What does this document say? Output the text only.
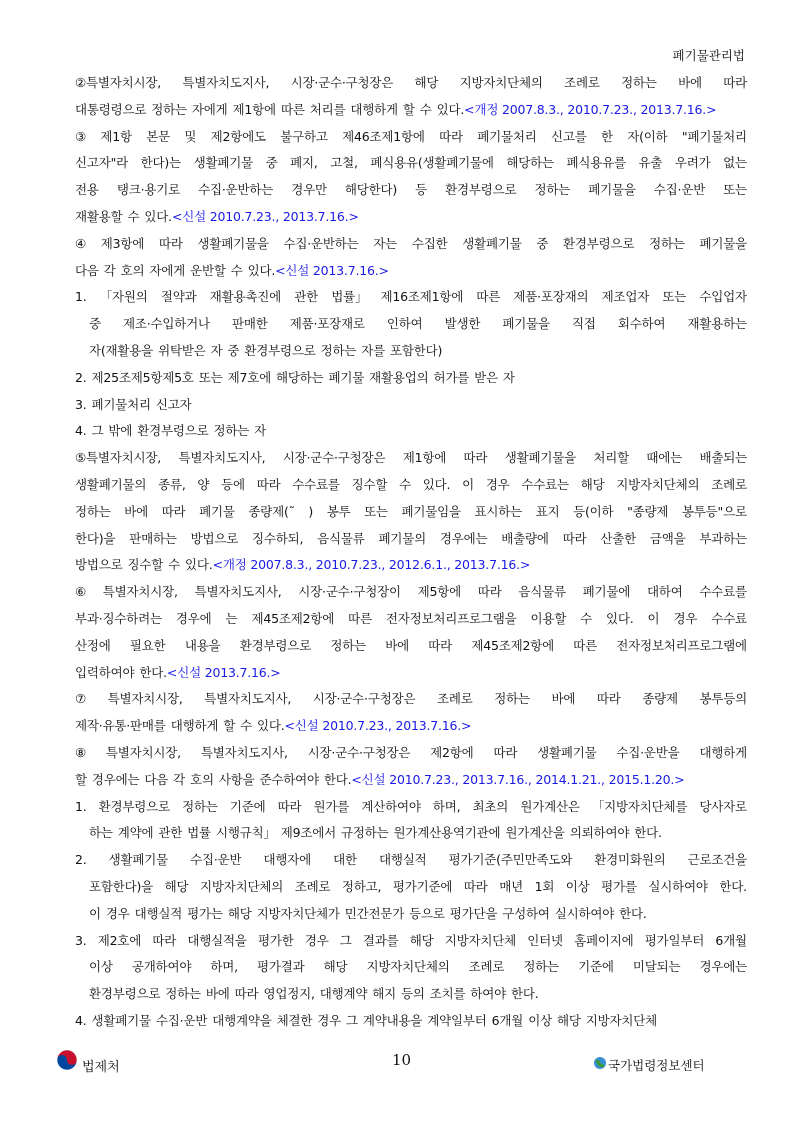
폐기물관리법
②특별자치시장, 특별자치도지사, 시장·군수·구청장은 해당 지방자치단체의 조례로 정하는 바에 따라
대통령령으로 정하는 자에게 제1항에 따른 처리를 대행하게 할 수 있다.<개정 2007.8.3., 2010.7.23., 2013.7.16.>
③ 제1항 본문 및 제2항에도 불구하고 제46조제1항에 따라 폐기물처리 신고를 한 자(이하 "폐기물처리
신고자"라 한다)는 생활폐기물 중 폐지, 고철, 폐식용유(생활폐기물에 해당하는 폐식용유를 유출 우려가 없는
전용 탱크·용기로 수집·운반하는 경우만 해당한다) 등 환경부령으로 정하는 폐기물을 수집·운반 또는
재활용할 수 있다.<신설 2010.7.23., 2013.7.16.>
④ 제3항에 따라 생활폐기물을 수집·운반하는 자는 수집한 생활폐기물 중 환경부령으로 정하는 폐기물을
다음 각 호의 자에게 운반할 수 있다.<신설 2013.7.16.>
1. 「자원의 절약과 재활용촉진에 관한 법률」 제16조제1항에 따른 제품·포장재의 제조업자 또는 수입업자
중 제조·수입하거나 판매한 제품·포장재로 인하여 발생한 폐기물을 직접 회수하여 재활용하는
자(재활용을 위탁받은 자 중 환경부령으로 정하는 자를 포함한다)
2. 제25조제5항제5호 또는 제7호에 해당하는 폐기물 재활용업의 허가를 받은 자
3. 폐기물처리 신고자
4. 그 밖에 환경부령으로 정하는 자
⑤특별자치시장, 특별자치도지사, 시장·군수·구청장은 제1항에 따라 생활폐기물을 처리할 때에는 배출되는
생활폐기물의 종류, 양 등에 따라 수수료를 징수할 수 있다. 이 경우 수수료는 해당 지방자치단체의 조례로
정하는 바에 따라 폐기물 종량제(˜ ) 봉투 또는 폐기물임을 표시하는 표지 등(이하 "종량제 봉투등"으로
한다)을 판매하는 방법으로 징수하되, 음식물류 폐기물의 경우에는 배출량에 따라 산출한 금액을 부과하는
방법으로 징수할 수 있다.<개정 2007.8.3., 2010.7.23., 2012.6.1., 2013.7.16.>
⑥ 특별자치시장, 특별자치도지사, 시장·군수·구청장이 제5항에 따라 음식물류 폐기물에 대하여 수수료를
부과·징수하려는 경우에 는 제45조제2항에 따른 전자정보처리프로그램을 이용할 수 있다. 이 경우 수수료
산정에 필요한 내용을 환경부령으로 정하는 바에 따라 제45조제2항에 따른 전자정보처리프로그램에
입력하여야 한다.<신설 2013.7.16.>
⑦ 특별자치시장, 특별자치도지사, 시장·군수·구청장은 조례로 정하는 바에 따라 종량제 봉투등의
제작·유통·판매를 대행하게 할 수 있다.<신설 2010.7.23., 2013.7.16.>
⑧ 특별자치시장, 특별자치도지사, 시장·군수·구청장은 제2항에 따라 생활폐기물 수집·운반을 대행하게
할 경우에는 다음 각 호의 사항을 준수하여야 한다.<신설 2010.7.23., 2013.7.16., 2014.1.21., 2015.1.20.>
1. 환경부령으로 정하는 기준에 따라 원가를 계산하여야 하며, 최초의 원가계산은 「지방자치단체를 당사자로
하는 계약에 관한 법률 시행규칙」 제9조에서 규정하는 원가계산용역기관에 원가계산을 의뢰하여야 한다.
2. 생활폐기물 수집·운반 대행자에 대한 대행실적 평가기준(주민만족도와 환경미화원의 근로조건을
포함한다)을 해당 지방자치단체의 조례로 정하고, 평가기준에 따라 매년 1회 이상 평가를 실시하여야 한다.
이 경우 대행실적 평가는 해당 지방자치단체가 민간전문가 등으로 평가단을 구성하여 실시하여야 한다.
3. 제2호에 따라 대행실적을 평가한 경우 그 결과를 해당 지방자치단체 인터넷 홈페이지에 평가일부터 6개월
이상 공개하여야 하며, 평가결과 해당 지방자치단체의 조례로 정하는 기준에 미달되는 경우에는
환경부령으로 정하는 바에 따라 영업정지, 대행계약 해지 등의 조치를 하여야 한다.
4. 생활폐기물 수집·운반 대행계약을 체결한 경우 그 계약내용을 계약일부터 6개월 이상 해당 지방자치단체
법제처	10	국가법령정보센터
